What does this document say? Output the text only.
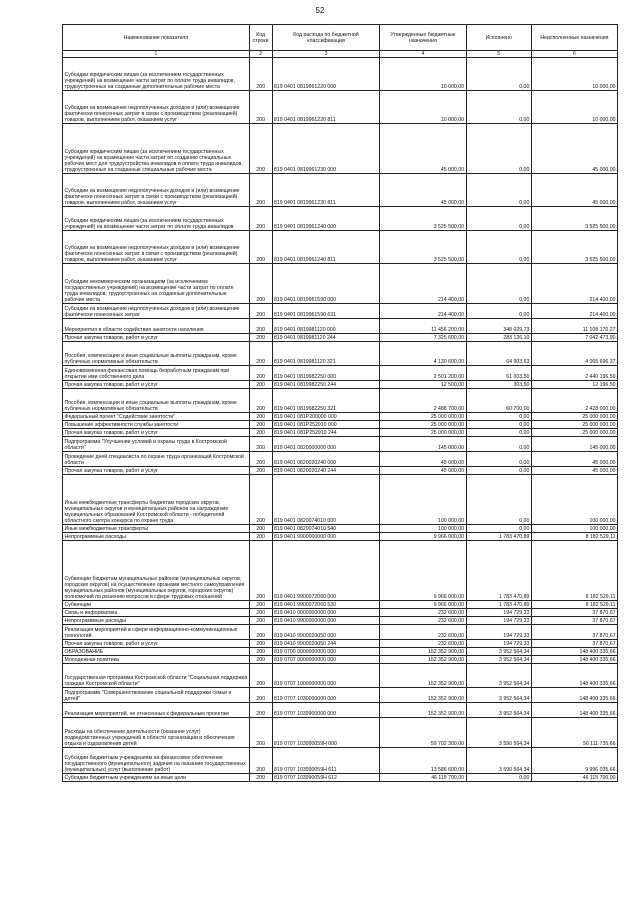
52
Наименование показателя	Код строки	Код расхода по бюджетной классификации	Утвержденные бюджетные назначения	Исполнено	Неисполненные назначения
1	2	3	4	5	6
Субсидии юридическим лицам (за исключением государственных учреждений) на возмещение части затрат по оплате труда инвалидов, трудоустроенных на созданные дополнительные рабочие места	200	819 0401 0819961220 000	10 000,00	0,00	10 000,00
Субсидии на возмещение недополученных доходов и (или) возмещение фактически понесенных затрат в связи с производством (реализацией) товаров, выполнением работ, оказанием услуг	200	819 0401 0819961220 811	10 000,00	0,00	10 000,00
Субсидии юридическим лицам (за исключением государственных учреждений) на возмещение части затрат по созданию специальных рабочих мест для трудоустройства инвалидов и оплате труда инвалидов, трудоустроенных на созданные специальные рабочие места	200	819 0401 0819961230 000	45 000,00	0,00	45 000,00
Субсидии на возмещение недополученных доходов и (или) возмещение фактически понесенных затрат в связи с производством (реализацией) товаров, выполнением работ, оказанием услуг	200	819 0401 0819961230 811	45 000,00	0,00	45 000,00
Субсидии юридическим лицам (за исключением государственных учреждений) на возмещение части затрат по оплате труда инвалидов	200	819 0401 0819961240 000	3 525 500,00	0,00	3 525 500,00
Субсидии на возмещение недополученных доходов и (или) возмещение фактически понесенных затрат в связи с производством (реализацией) товаров, выполнением работ, оказанием услуг	200	819 0401 0819961240 811	3 525 500,00	0,00	3 525 500,00
Субсидии некоммерческим организациям (за исключением государственных учреждений) на возмещение части затрат по оплате труда инвалидов, трудоустроенных на созданные дополнительные рабочие места	200	819 0401 0819961590 000	214 400,00	0,00	214 400,00
Субсидии на возмещение недополученных доходов и (или) возмещение фактически понесенных затрат	200	819 0401 0819961590 631	214 400,00	0,00	214 400,00
Мероприятия в области содействия занятости населения	200	819 0401 0819981120 000	11 456 200,00	348 029,73	11 108 170,27
Прочая закупка товаров, работ и услуг	200	819 0401 0819981120 244	7 325 600,00	283 126,10	7 042 473,90
Пособия, компенсации и иные социальные выплаты гражданам, кроме публичных нормативных обязательств	200	819 0401 0819981120 321	4 130 600,00	64 903,63	4 065 696,37
Единовременная финансовая помощь безработным гражданам при открытии ими собственного дела	200	819 0401 0819982250 000	2 501 200,00	61 003,50	2 440 196,50
Прочая закупка товаров, работ и услуг	200	819 0401 0819982250 244	12 500,00	303,50	12 196,50
Пособия, компенсации и иные социальные выплаты гражданам, кроме публичных нормативных обязательств	200	819 0401 0819982250 321	2 488 700,00	60 700,00	2 428 000,00
Федеральный проект "Содействие занятости"	200	819 0401 081P200000 000	25 000 000,00	0,00	25 000 000,00
Повышение эффективности службы занятости	200	819 0401 081P252910 000	25 000 000,00	0,00	25 000 000,00
Прочая закупка товаров, работ и услуг	200	819 0401 081P252910 244	25 000 000,00	0,00	25 000 000,00
Подпрограмма "Улучшение условий и охраны труда в Костромской области"	200	819 0401 0820000000 000	145 000,00	0,00	145 000,00
Проведение дней специалиста по охране труда организаций Костромской области	200	819 0401 0820020240 000	45 000,00	0,00	45 000,00
Прочая закупка товаров, работ и услуг	200	819 0401 0820020240 244	45 000,00	0,00	45 000,00
Иные межбюджетные трансферты бюджетам городских округов, муниципальных округов и муниципальных районов на награждение муниципальных образований Костромской области - победителей областного смотра конкурса по охране труда	200	819 0401 0820074010 000	100 000,00	0,00	100 000,00
Иные межбюджетные трансферты	200	819 0401 0820074010 540	100 000,00	0,00	100 000,00
Непрограммные расходы	200	819 0401 9900000000 000	9 966 000,00	1 783 470,89	8 182 529,11
Субвенции бюджетам муниципальных районов (муниципальных округов, городских округов) на осуществление органами местного самоуправления муниципальных районов (муниципальных округов, городских округов) полномочий по решению вопросов в сфере трудовых отношений	200	819 0401 9900072060 000	9 966 000,00	1 783 470,89	8 182 529,11
Субвенции	200	819 0401 9900072060 530	9 966 000,00	1 783 470,89	8 182 529,11
Связь и информатика	200	819 0410 0000000000 000	232 600,00	194 729,33	37 870,67
Непрограммные расходы	200	819 0410 9900000000 000	232 600,00	194 729,33	37 870,67
Реализация мероприятий в сфере информационно-коммуникационных технологий	200	819 0410 9900020050 000	232 600,00	194 729,33	37 870,67
Прочая закупка товаров, работ и услуг	200	819 0410 9900020050 244	232 600,00	194 729,33	37 870,67
ОБРАЗОВАНИЕ	200	819 0700 0000000000 000	152 352 900,00	3 952 564,34	148 400 335,66
Молодежная политика	200	819 0707 0000000000 000	152 352 900,00	3 952 564,34	148 400 335,66
Государственная программа Костромской области "Социальная поддержка граждан Костромской области"	200	819 0707 1000000000 000	152 352 900,00	3 952 564,34	148 400 335,66
Подпрограмма "Совершенствование социальной поддержки семьи и детей"	200	819 0707 1030000000 000	152 352 900,00	3 952 564,34	148 400 335,66
Реализация мероприятий, не отнесенных к федеральным проектам	200	819 0707 1039900000 000	152 352 900,00	3 952 564,34	148 400 335,66
Расходы на обеспечение деятельности (оказание услуг) подведомственных учреждений в области организации и обеспечения отдыха и оздоровления детей	200	819 0707 103990059Н 000	59 702 300,00	3 590 564,34	56 111 735,66
Субсидии бюджетным учреждениям на финансовое обеспечение государственного (муниципального) задания на оказание государственных (муниципальных) услуг (выполнение работ)	200	819 0707 103990059Н 611	13 586 600,00	3 590 564,34	9 996 035,66
Субсидии бюджетным учреждениям на иные цели	200	819 0707 103990059Н 612	46 115 700,00	0,00	46 115 700,00
